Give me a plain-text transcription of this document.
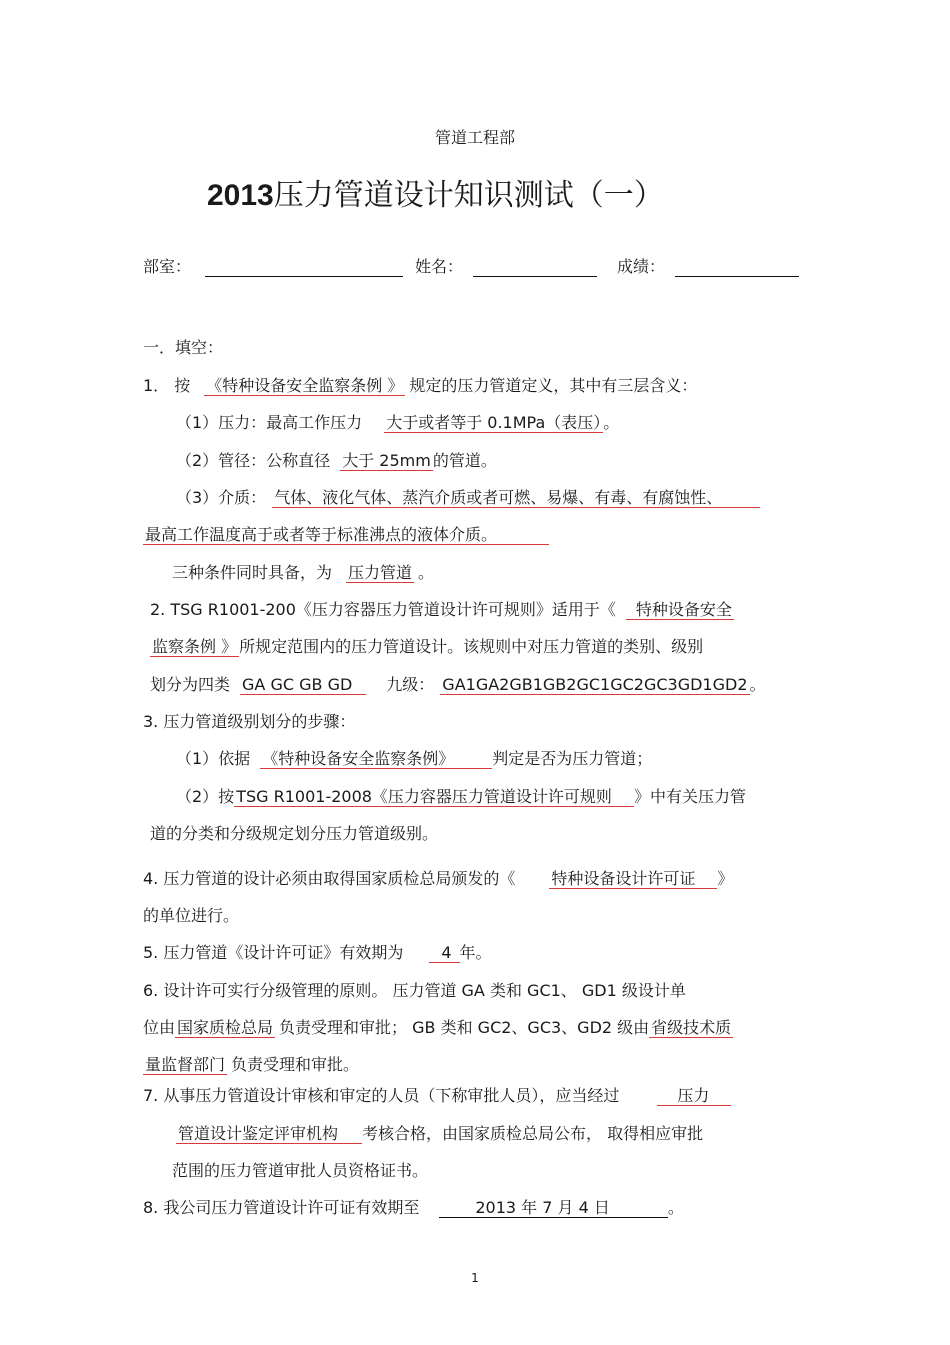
管道工程部
2013压力管道设计知识测试（一）
部室：	姓名：	成绩：
一．填空：
1． 按 《特种设备安全监察条例 》 规定的压力管道定义，其中有三层含义：
（1）压力：最高工作压力 大于或者等于 0.1MPa（表压） 。
（2）管径：公称直径 大于 25mm 的管道。
（3）介质： 气体、液化气体、蒸汽介质或者可燃、易爆、有毒、有腐蚀性、
最高工作温度高于或者等于标准沸点的液体介质。
三种条件同时具备，为 压力管道 。
2. TSG R1001-200《压力容器压力管道设计许可规则》适用于《 特种设备安全
监察条例 》 所规定范围内的压力管道设计。该规则中对压力管道的类别、级别
划分为四类 GA GC GB GD 九级： GA1GA2GB1GB2GC1GC2GC3GD1GD2 。
3. 压力管道级别划分的步骤：
（1）依据 《特种设备安全监察条例》 判定是否为压力管道；
（2）按 TSG R1001-2008《压力容器压力管道设计许可规则 》中有关压力管
道的分类和分级规定划分压力管道级别。
4. 压力管道的设计必须由取得国家质检总局颁发的《 特种设备设计许可证 》
的单位进行。
5. 压力管道《设计许可证》有效期为 4 年。
6. 设计许可实行分级管理的原则。 压力管道 GA 类和 GC1、 GD1 级设计单
位由 国家质检总局 负责受理和审批； GB 类和 GC2、GC3、GD2 级由 省级技术质
量监督部门 负责受理和审批。
7. 从事压力管道设计审核和审定的人员（下称审批人员），应当经过	压力
管道设计鉴定评审机构 考核合格，由国家质检总局公布， 取得相应审批
范围的压力管道审批人员资格证书。
8. 我公司压力管道设计许可证有效期至	2013 年 7 月 4 日	。
1
